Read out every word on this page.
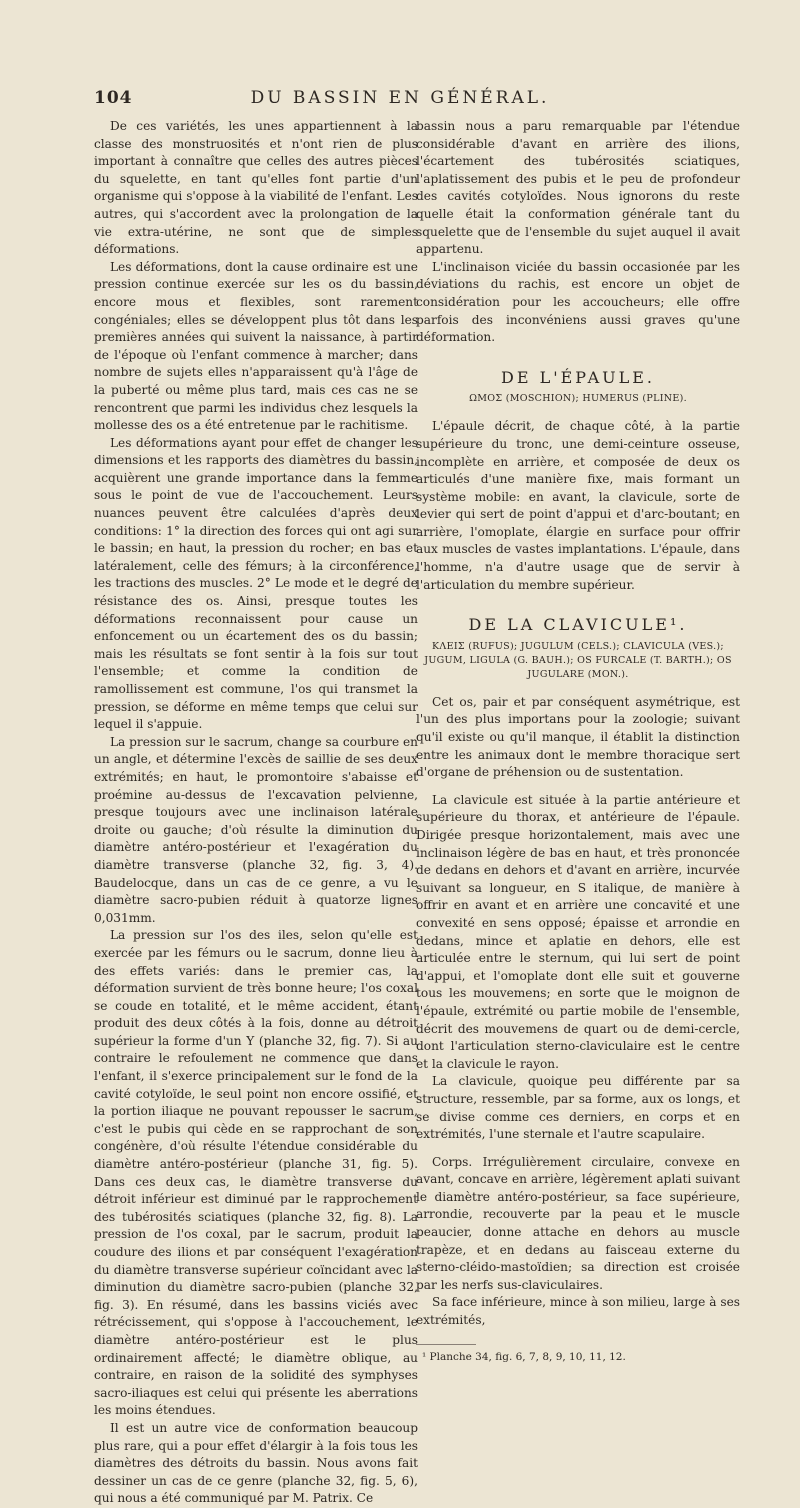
104	DU BASSIN EN GÉNÉRAL.

De ces variétés, les unes appartiennent à la classe des monstruosités et n'ont rien de plus important à connaître que celles des autres pièces du squelette, en tant qu'elles font partie d'un organisme qui s'oppose à la viabilité de l'enfant. Les autres, qui s'accordent avec la prolongation de la vie extra-utérine, ne sont que de simples déformations.

Les déformations, dont la cause ordinaire est une pression continue exercée sur les os du bassin, encore mous et flexibles, sont rarement congéniales; elles se développent plus tôt dans les premières années qui suivent la naissance, à partir de l'époque où l'enfant commence à marcher; dans nombre de sujets elles n'apparaissent qu'à l'âge de la puberté ou même plus tard, mais ces cas ne se rencontrent que parmi les individus chez lesquels la mollesse des os a été entretenue par le rachitisme.

Les déformations ayant pour effet de changer les dimensions et les rapports des diamètres du bassin, acquièrent une grande importance dans la femme sous le point de vue de l'accouchement. Leurs nuances peuvent être calculées d'après deux conditions: 1° la direction des forces qui ont agi sur le bassin; en haut, la pression du rocher; en bas et latéralement, celle des fémurs; à la circonférence, les tractions des muscles. 2° Le mode et le degré de résistance des os. Ainsi, presque toutes les déformations reconnaissent pour cause un enfoncement ou un écartement des os du bassin; mais les résultats se font sentir à la fois sur tout l'ensemble; et comme la condition de ramollissement est commune, l'os qui transmet la pression, se déforme en même temps que celui sur lequel il s'appuie.

La pression sur le sacrum, change sa courbure en un angle, et détermine l'excès de saillie de ses deux extrémités; en haut, le promontoire s'abaisse et proémine au-dessus de l'excavation pelvienne, presque toujours avec une inclinaison latérale droite ou gauche; d'où résulte la diminution du diamètre antéro-postérieur et l'exagération du diamètre transverse (planche 32, fig. 3, 4). Baudelocque, dans un cas de ce genre, a vu le diamètre sacro-pubien réduit à quatorze lignes 0,031mm.

La pression sur l'os des iles, selon qu'elle est exercée par les fémurs ou le sacrum, donne lieu à des effets variés: dans le premier cas, la déformation survient de très bonne heure; l'os coxal se coude en totalité, et le même accident, étant produit des deux côtés à la fois, donne au détroit supérieur la forme d'un Y (planche 32, fig. 7). Si au contraire le refoulement ne commence que dans l'enfant, il s'exerce principalement sur le fond de la cavité cotyloïde, le seul point non encore ossifié, et la portion iliaque ne pouvant repousser le sacrum, c'est le pubis qui cède en se rapprochant de son congénère, d'où résulte l'étendue considérable du diamètre antéro-postérieur (planche 31, fig. 5). Dans ces deux cas, le diamètre transverse du détroit inférieur est diminué par le rapprochement des tubérosités sciatiques (planche 32, fig. 8). La pression de l'os coxal, par le sacrum, produit la coudure des ilions et par conséquent l'exagération du diamètre transverse supérieur coïncidant avec la diminution du diamètre sacro-pubien (planche 32, fig. 3). En résumé, dans les bassins viciés avec rétrécissement, qui s'oppose à l'accouchement, le diamètre antéro-postérieur est le plus ordinairement affecté; le diamètre oblique, au contraire, en raison de la solidité des symphyses sacro-iliaques est celui qui présente les aberrations les moins étendues.

Il est un autre vice de conformation beaucoup plus rare, qui a pour effet d'élargir à la fois tous les diamètres des détroits du bassin. Nous avons fait dessiner un cas de ce genre (planche 32, fig. 5, 6), qui nous a été communiqué par M. Patrix. Ce

bassin nous a paru remarquable par l'étendue considérable d'avant en arrière des ilions, l'écartement des tubérosités sciatiques, l'aplatissement des pubis et le peu de profondeur des cavités cotyloïdes. Nous ignorons du reste quelle était la conformation générale tant du squelette que de l'ensemble du sujet auquel il avait appartenu.

L'inclinaison viciée du bassin occasionée par les déviations du rachis, est encore un objet de considération pour les accoucheurs; elle offre parfois des inconvéniens aussi graves qu'une déformation.

DE L'ÉPAULE.
ΩΜΟΣ (MOSCHION); HUMERUS (PLINE).

L'épaule décrit, de chaque côté, à la partie supérieure du tronc, une demi-ceinture osseuse, incomplète en arrière, et composée de deux os articulés d'une manière fixe, mais formant un système mobile: en avant, la clavicule, sorte de levier qui sert de point d'appui et d'arc-boutant; en arrière, l'omoplate, élargie en surface pour offrir aux muscles de vastes implantations. L'épaule, dans l'homme, n'a d'autre usage que de servir à l'articulation du membre supérieur.

DE LA CLAVICULE¹.
ΚΛΕΙΣ (RUFUS); JUGULUM (CELS.); CLAVICULA (VES.); JUGUM, LIGULA (G. BAUH.); OS FURCALE (T. BARTH.); OS JUGULARE (MON.).

Cet os, pair et par conséquent asymétrique, est l'un des plus importans pour la zoologie; suivant qu'il existe ou qu'il manque, il établit la distinction entre les animaux dont le membre thoracique sert d'organe de préhension ou de sustentation.

La clavicule est située à la partie antérieure et supérieure du thorax, et antérieure de l'épaule. Dirigée presque horizontalement, mais avec une inclinaison légère de bas en haut, et très prononcée de dedans en dehors et d'avant en arrière, incurvée suivant sa longueur, en S italique, de manière à offrir en avant et en arrière une concavité et une convexité en sens opposé; épaisse et arrondie en dedans, mince et aplatie en dehors, elle est articulée entre le sternum, qui lui sert de point d'appui, et l'omoplate dont elle suit et gouverne tous les mouvemens; en sorte que le moignon de l'épaule, extrémité ou partie mobile de l'ensemble, décrit des mouvemens de quart ou de demi-cercle, dont l'articulation sterno-claviculaire est le centre et la clavicule le rayon.

La clavicule, quoique peu différente par sa structure, ressemble, par sa forme, aux os longs, et se divise comme ces derniers, en corps et en extrémités, l'une sternale et l'autre scapulaire.

Corps. Irrégulièrement circulaire, convexe en avant, concave en arrière, légèrement aplati suivant le diamètre antéro-postérieur, sa face supérieure, arrondie, recouverte par la peau et le muscle peaucier, donne attache en dehors au muscle trapèze, et en dedans au faisceau externe du sterno-cléido-mastoïdien; sa direction est croisée par les nerfs sus-claviculaires.

Sa face inférieure, mince à son milieu, large à ses extrémités,

¹ Planche 34, fig. 6, 7, 8, 9, 10, 11, 12.
